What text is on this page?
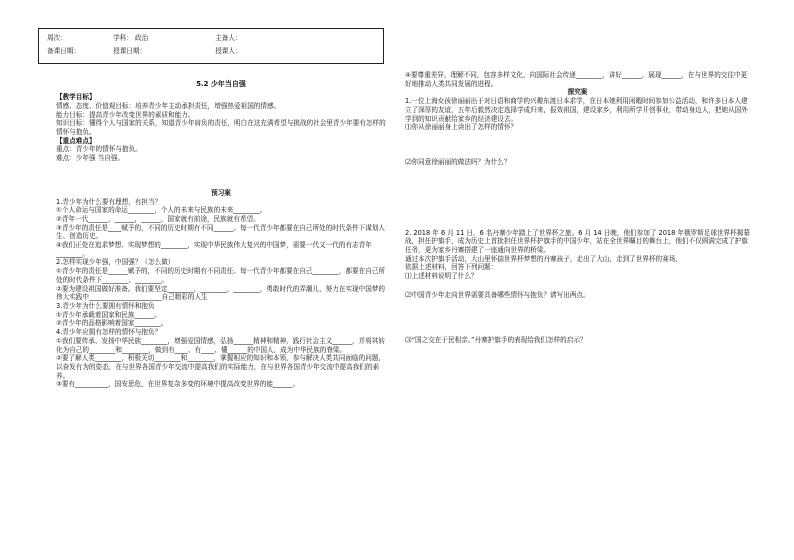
周次：	学科： 政治	主备人：
备课日期：	授课日期：	授课人：
5.2 少年当自强
【教学目标】
情感、态度、价值观目标：培养青少年主动承担责任，增强热爱祖国的情感。
能力目标：提高青少年改变世界的素质和能力。
知识目标：懂得个人与国家的关系，知道青少年肩负的责任，明白在这充满希望与挑战的社会里青少年要有怎样的情怀与抱负。
【重点难点】
重点：青少年的情怀与抱负。
难点：少年强 当自强。
预习案
1.青少年为什么要有理想，有担当？
①个人命运与国家的命运________，个人的未来与民族的未来________。
②青年一代______，______，______，国家就有前途，民族就有希望。
③青少年的责任是____赋予的，不同的历史时期有不同______。每一代青少年都要在自己所处的时代条件下谋划人生、创造历史。
④我们正处在追求梦想、实现梦想的________，实现中华民族伟大复兴的中国梦，需要一代又一代的有志青年________。
2.怎样实现少年强，中国强？（怎么做）
①青少年的责任是______赋予的，不同的历史时期有不同责任。每一代青少年都要在自己________，都要在自己所处的时代条件下________、________。
②要为建设祖国做好准备。我们要坚定________，________，________，勇敢时代的弄潮儿，努力在实现中国梦的伟大实践中______________________自己精彩的人生
3.青少年为什么要拥有情怀和抱负
①青少年承载着国家和民族______。
②青少年的品格影响着国家________。
4.青少年应拥有怎样的情怀与抱负？
①我们要传承、发扬中华民族________，增强爱国情感，弘扬______精神和精神，践行社会主义______，并将其转化为自己的________和________，做到有____、有____、懂______的中国人，成为中华民族的脊梁。
②要了解人类________，积极关切________和________，掌握相应的知识和本领，参与解决人类共同面临的问题，以奋发有为的姿态，在与世界各国青少年交流中提高我们的实际能力，在与世界各国青少年交流中提高我们的素养。
③要有__________，国安思危，在世界复杂多变的环境中提高改变世界的能______。
④要尊重差异，理解不同，包容多样文化，向国际社会传递________，讲好______，展现______，在与世界的交往中更好地推动人类共同发展的进程。
探究案
1.一位上海女孩徐丽丽出于对日语和商学的兴趣东渡日本求学，在日本她利用闲暇时间参加公益活动，和许多日本人建立了深厚的友谊，五年后毅然决定选择学成归来，报效祖国，建设家乡，利用所学开创事业，带动身边人，把她从国外学到的知识贡献给家乡的经济建设去。
⑴你从徐丽丽身上读出了怎样的情怀？
⑵你同意徐丽丽的做法吗？为什么？
2. 2018 年 6 月 11 日，6 名丹寨少年踏上了世界杯之旅。6 月 14 日晚，他们参加了 2018 年俄罗斯足球世界杯揭幕战，担任护旗手，成为历史上首批担任世界杯护旗手的中国少年，站在全世界瞩目的舞台上，他们不仅圆满完成了护旗任务，更为家乡丹寨搭建了一座通向世界的桥梁。
通过本次护旗手活动，大山里怀揣世界杯梦想的丹寨孩子，走出了大山，走到了世界杯的赛场，
依据上述材料，回答下列问题：
⑴上述材料说明了什么？
⑵中国青少年走向世界需要具备哪些情怀与抱负？请写出两点。
⑶“国之交在于民相亲。”丹寨护旗手的表现给我们怎样的启示？
